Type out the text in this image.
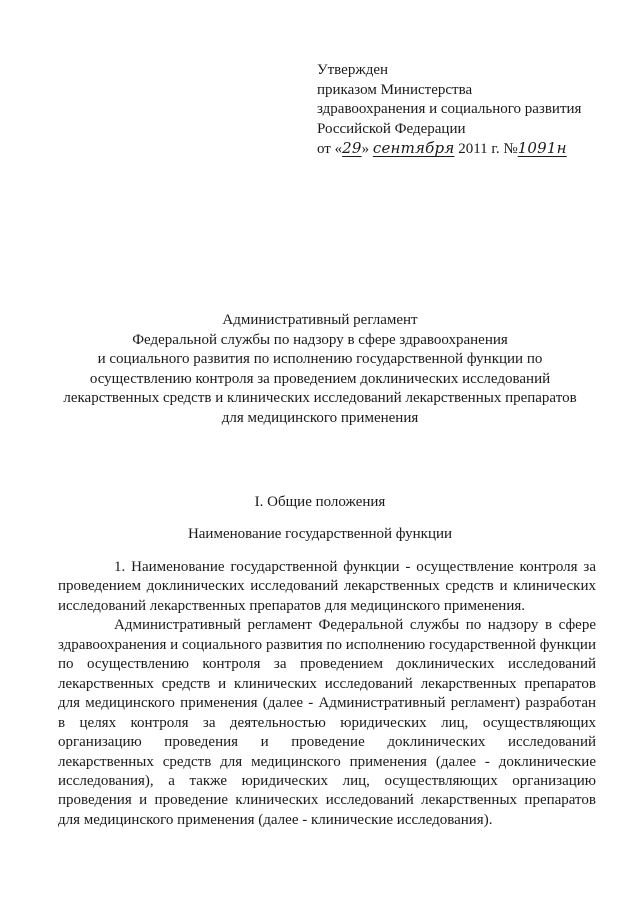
Утвержден
приказом Министерства
здравоохранения и социального развития
Российской Федерации
от «29» сентября 2011 г. №1091н
Административный регламент
Федеральной службы по надзору в сфере здравоохранения
и социального развития по исполнению государственной функции по
осуществлению контроля за проведением доклинических исследований
лекарственных средств и клинических исследований лекарственных препаратов
для медицинского применения
I. Общие положения
Наименование государственной функции

1. Наименование государственной функции - осуществление контроля за проведением доклинических исследований лекарственных средств и клинических исследований лекарственных препаратов для медицинского применения.

Административный регламент Федеральной службы по надзору в сфере здравоохранения и социального развития по исполнению государственной функции по осуществлению контроля за проведением доклинических исследований лекарственных средств и клинических исследований лекарственных препаратов для медицинского применения (далее - Административный регламент) разработан в целях контроля за деятельностью юридических лиц, осуществляющих организацию проведения и проведение доклинических исследований лекарственных средств для медицинского применения (далее - доклинические исследования), а также юридических лиц, осуществляющих организацию проведения и проведение клинических исследований лекарственных препаратов для медицинского применения (далее - клинические исследования).
